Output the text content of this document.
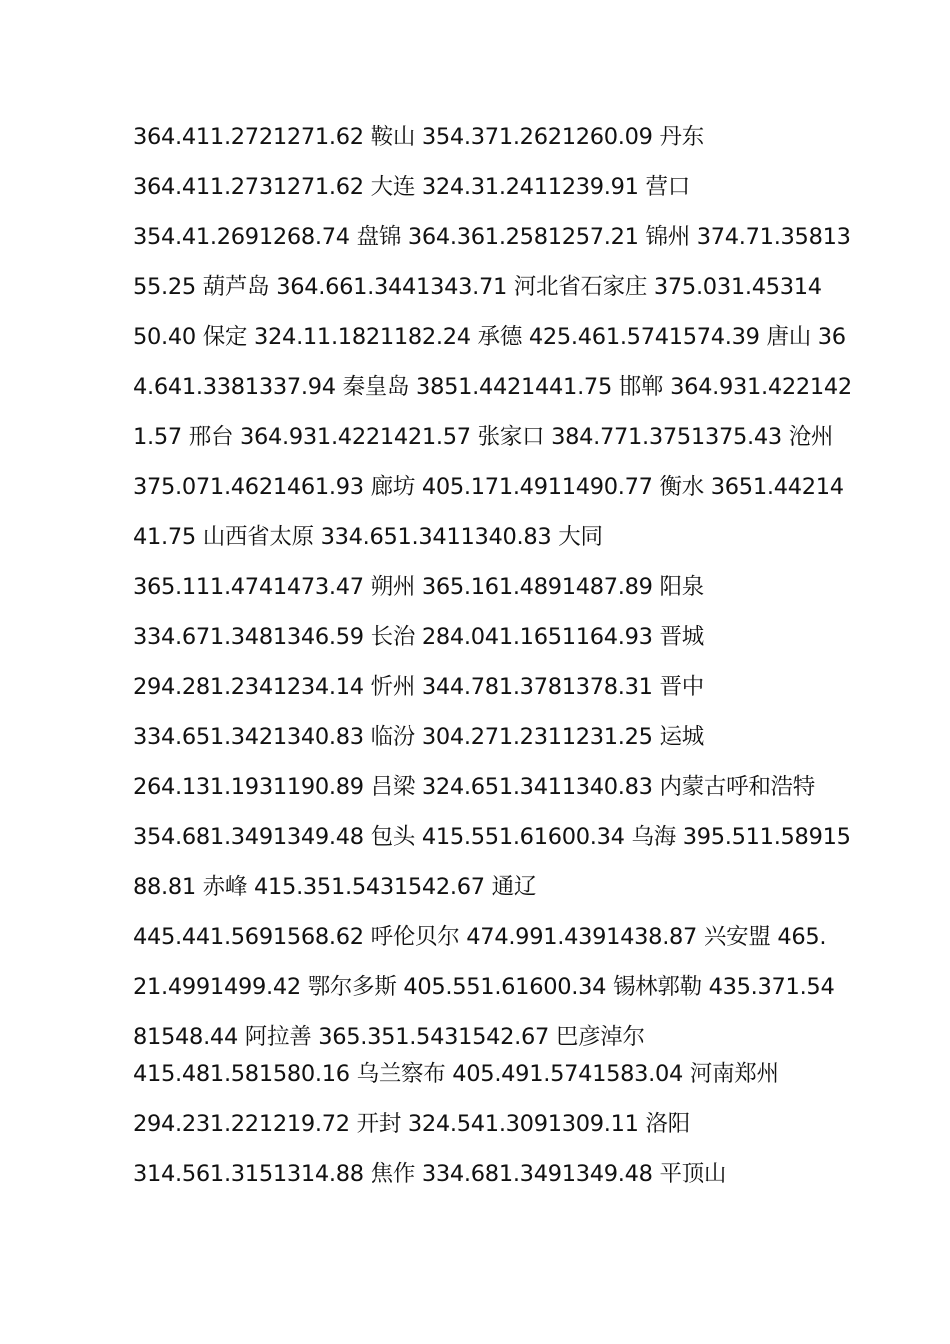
364.411.2721271.62 鞍山 354.371.2621260.09 丹东
364.411.2731271.62 大连 324.31.2411239.91 营口
354.41.2691268.74 盘锦 364.361.2581257.21 锦州 374.71.35813
55.25 葫芦岛 364.661.3441343.71 河北省石家庄 375.031.45314
50.40 保定 324.11.1821182.24 承德 425.461.5741574.39 唐山 36
4.641.3381337.94 秦皇岛 3851.4421441.75 邯郸 364.931.422142
1.57 邢台 364.931.4221421.57 张家口 384.771.3751375.43 沧州
375.071.4621461.93 廊坊 405.171.4911490.77 衡水 3651.44214
41.75 山西省太原 334.651.3411340.83 大同
365.111.4741473.47 朔州 365.161.4891487.89 阳泉
334.671.3481346.59 长治 284.041.1651164.93 晋城
294.281.2341234.14 忻州 344.781.3781378.31 晋中
334.651.3421340.83 临汾 304.271.2311231.25 运城
264.131.1931190.89 吕梁 324.651.3411340.83 内蒙古呼和浩特
354.681.3491349.48 包头 415.551.61600.34 乌海 395.511.58915
88.81 赤峰 415.351.5431542.67 通辽
445.441.5691568.62 呼伦贝尔 474.991.4391438.87 兴安盟 465.
21.4991499.42 鄂尔多斯 405.551.61600.34 锡林郭勒 435.371.54
81548.44 阿拉善 365.351.5431542.67 巴彦淖尔
415.481.581580.16 乌兰察布 405.491.5741583.04 河南郑州
294.231.221219.72 开封 324.541.3091309.11 洛阳
314.561.3151314.88 焦作 334.681.3491349.48 平顶山
